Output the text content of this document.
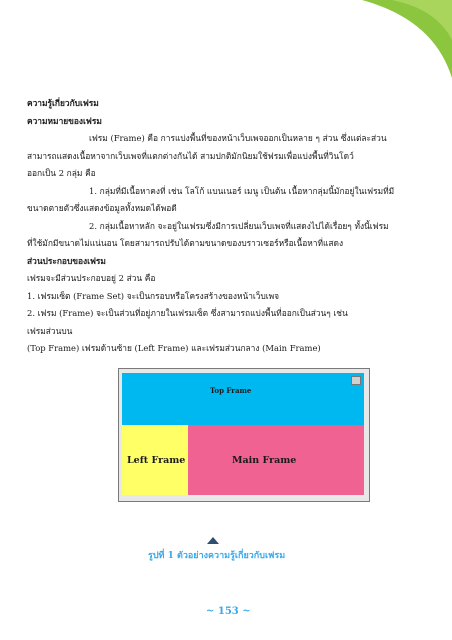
ความรู้เกี่ยวกับเฟรม

ความหมายของเฟรม

เฟรม (Frame) คือ การแบ่งพื้นที่ของหน้าเว็บเพจออกเป็นหลาย ๆ ส่วน ซึ่งแต่ละส่วน

สามารถแสดงเนื้อหาจากเว็บเพจที่แตกต่างกันได้ สามปกติมักนิยมใช้ฟรมเพื่อแบ่งพื้นที่วินโดว์

ออกเป็น 2 กลุ่ม คือ

1. กลุ่มที่มีเนื้อหาคงที่ เช่น โลโก้ แบนเนอร์ เมนู เป็นต้น เนื้อหากลุ่มนี้มักอยู่ในเฟรมที่มี

ขนาดตายตัวซึ่งแสดงข้อมูลทั้งหมดได้พอดี

2. กลุ่มเนื้อหาหลัก จะอยู่ในเฟรมซึ่งมีการเปลี่ยนเว็บเพจที่แสดงไปได้เรื่อยๆ ทั้งนี้เฟรม

ที่ใช้มักมีขนาดไม่แน่นอน โดยสามารถปรับได้ตามขนาดของบราวเซอร์หรือเนื้อหาที่แสดง

ส่วนประกอบของเฟรม

เฟรมจะมีส่วนประกอบอยู่ 2 ส่วน คือ

1. เฟรมเซ็ต (Frame Set) จะเป็นกรอบหรือโครงสร้างของหน้าเว็บเพจ

2. เฟรม (Frame) จะเป็นส่วนที่อยู่ภายในเฟรมเซ็ต ซึ่งสามารถแบ่งพื้นที่ออกเป็นส่วนๆ เช่น

เฟรมส่วนบน

(Top Frame) เฟรมด้านซ้าย (Left Frame) และเฟรมส่วนกลาง (Main Frame)

Top Frame
Left Frame	Main Frame
รูปที่ 1 ตัวอย่างความรู้เกี่ยวกับเฟรม
~ 153 ~
